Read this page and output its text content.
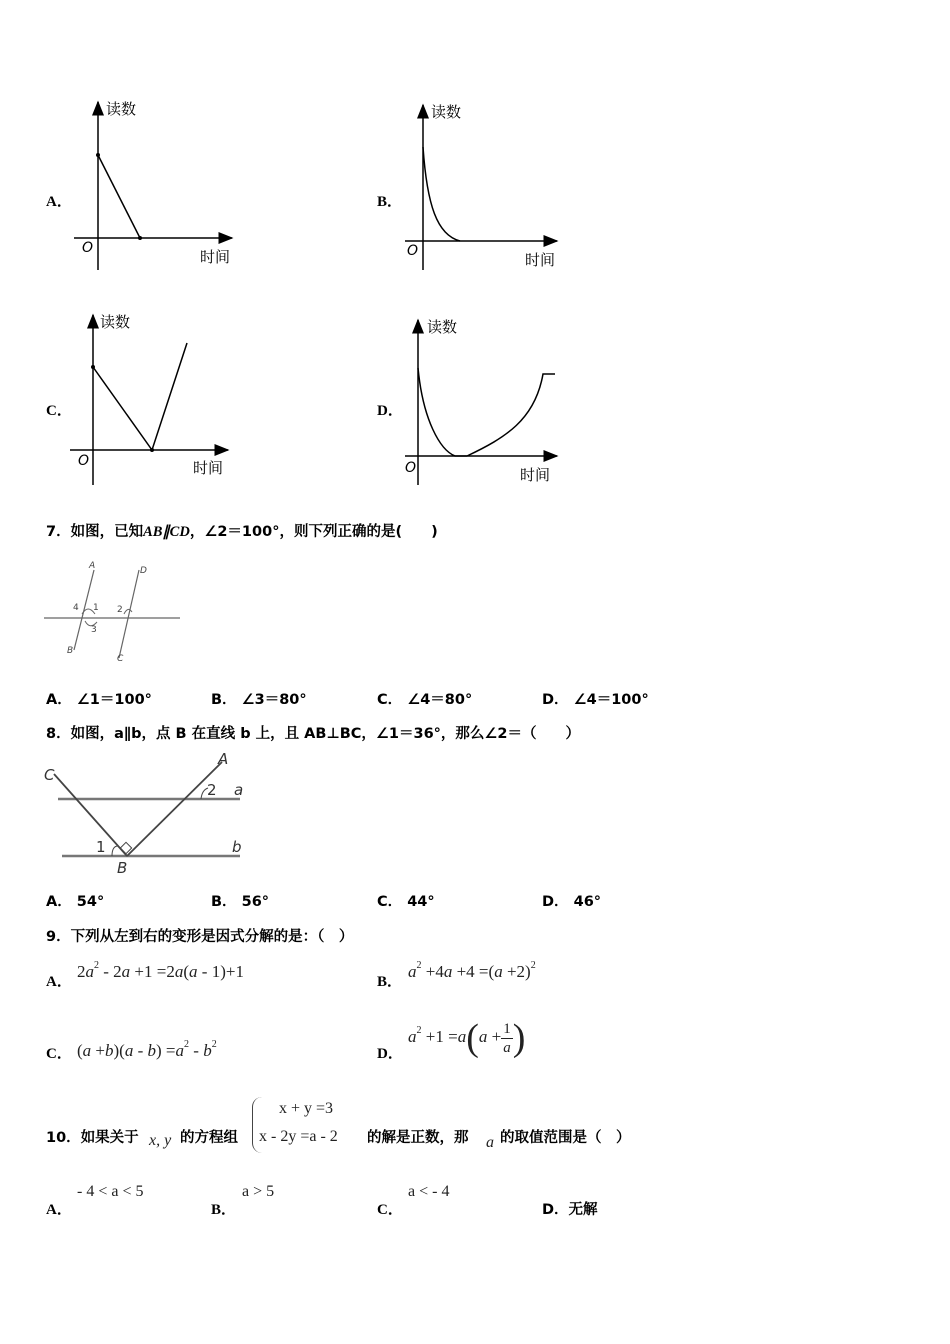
A．	B．
C．	D．
读数
时间
O
读数
时间
O
读数
时间
O
读数
时间
O
7．如图，已知AB∥CD，∠2＝100°，则下列正确的是(　　)
A	D
B
C
4 1
3
2
A． ∠1＝100°	B． ∠3＝80°	C． ∠4＝80°	D． ∠4＝100°
8．如图，a∥b，点 B 在直线 b 上，且 AB⊥BC，∠1＝36°，那么∠2＝（　　）
C
A
B
a
b
1
2
A． 54°	B． 56°	C． 44°	D． 46°
9．下列从左到右的变形是因式分解的是：（　）
A．
$2a^2 - 2a +1 =2a(a - 1)+1$
B．
$a^2 +4a +4 =(a +2)^2$
C． $(a +b)(a - b) =a^2 - b^2$
D．
$a^2 +1 =a(a + \frac{1}{a}$ )
10．如果关于 x, y 的方程组
x + y =3
x - 2y =a - 2 的解是正数，那 a 的取值范围是（　）
A．
- 4 < a < 5
B．
a > 5
C．
a < - 4
D．无解
